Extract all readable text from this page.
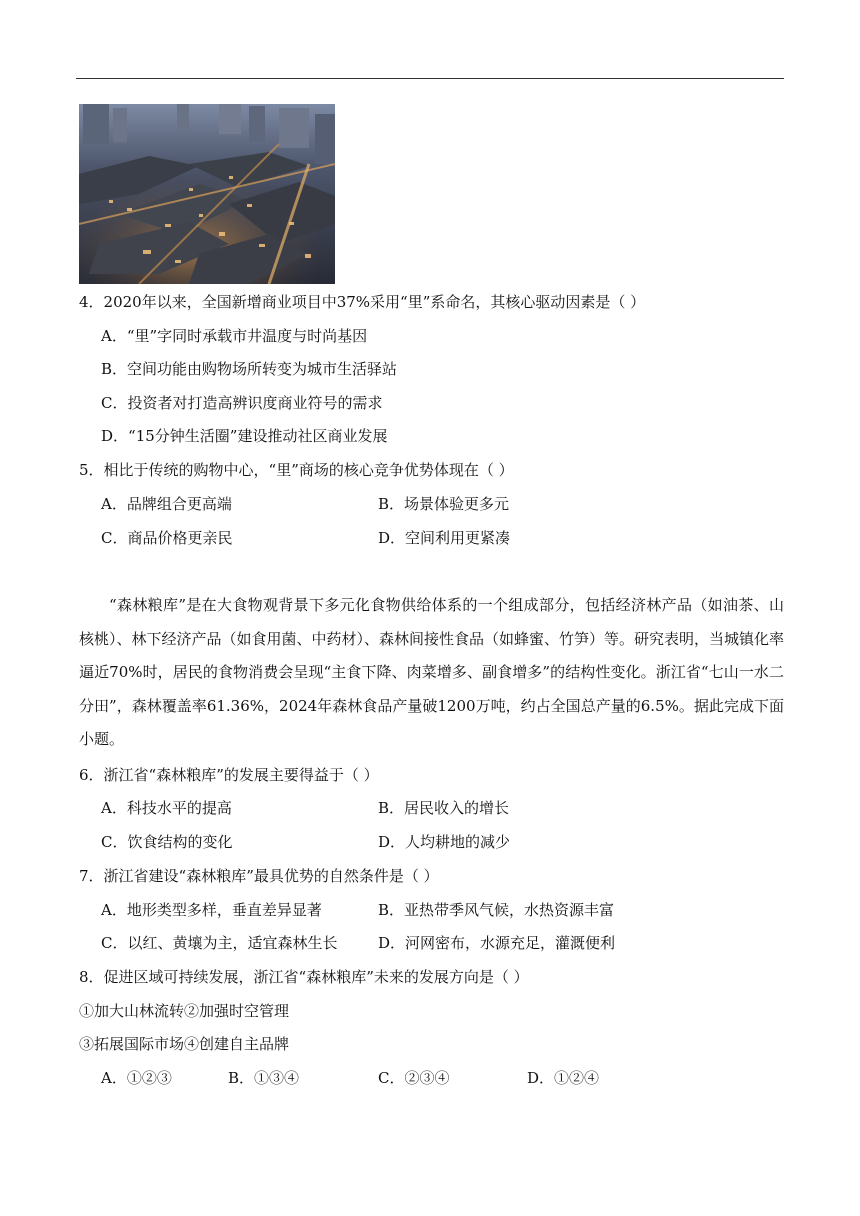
4．2020年以来，全国新增商业项目中37%采用“里”系命名，其核心驱动因素是（ ）
A．“里”字同时承载市井温度与时尚基因
B．空间功能由购物场所转变为城市生活驿站
C．投资者对打造高辨识度商业符号的需求
D．“15分钟生活圈”建设推动社区商业发展
5．相比于传统的购物中心，“里”商场的核心竞争优势体现在（ ）
A．品牌组合更高端	B．场景体验更多元
C．商品价格更亲民	D．空间利用更紧凑
“森林粮库”是在大食物观背景下多元化食物供给体系的一个组成部分，包括经济林产品（如油茶、山核桃）、林下经济产品（如食用菌、中药材）、森林间接性食品（如蜂蜜、竹笋）等。研究表明，当城镇化率逼近70%时，居民的食物消费会呈现“主食下降、肉菜增多、副食增多”的结构性变化。浙江省“七山一水二分田”，森林覆盖率61.36%，2024年森林食品产量破1200万吨，约占全国总产量的6.5%。据此完成下面小题。
6．浙江省“森林粮库”的发展主要得益于（ ）
A．科技水平的提高	B．居民收入的增长
C．饮食结构的变化	D．人均耕地的减少
7．浙江省建设“森林粮库”最具优势的自然条件是（ ）
A．地形类型多样，垂直差异显著	B．亚热带季风气候，水热资源丰富
C．以红、黄壤为主，适宜森林生长	D．河网密布，水源充足，灌溉便利
8．促进区域可持续发展，浙江省“森林粮库”未来的发展方向是（ ）
①加大山林流转②加强时空管理
③拓展国际市场④创建自主品牌
A．①②③	B．①③④	C．②③④	D．①②④
